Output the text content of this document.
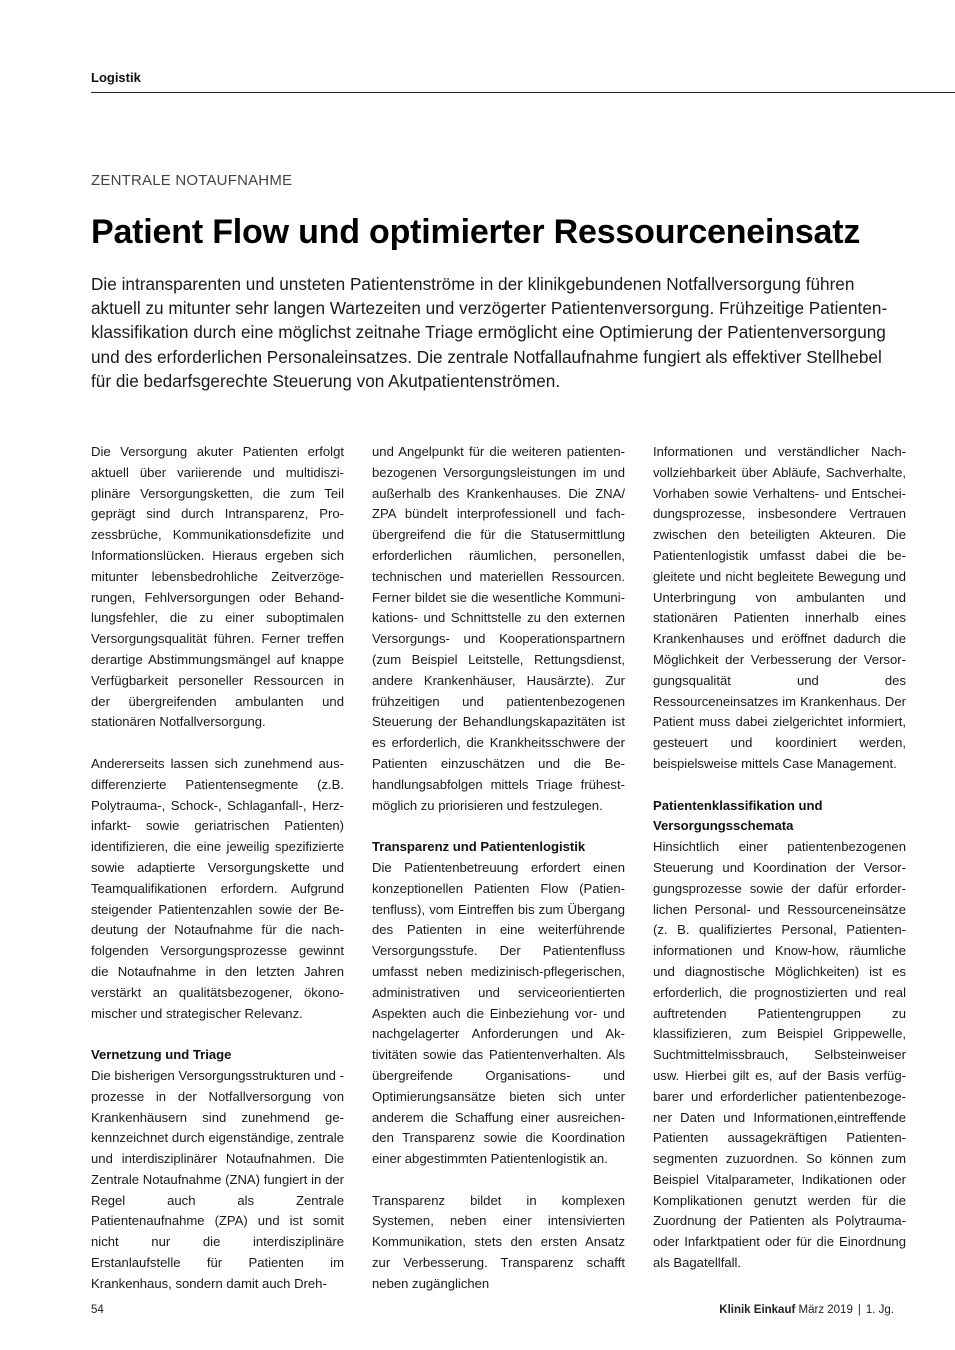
Logistik
ZENTRALE NOTAUFNAHME
Patient Flow und optimierter Ressourceneinsatz

Die intransparenten und unsteten Patientenströme in der klinikgebundenen Notfallversorgung führen aktuell zu mitunter sehr langen Wartezeiten und verzögerter Patientenversorgung. Frühzeitige Patientenklassifikation durch eine möglichst zeitnahe Triage ermöglicht eine Optimierung der Patientenversorgung und des erforderlichen Personaleinsatzes. Die zentrale Notfallaufnahme fungiert als effektiver Stellhebel für die bedarfsgerechte Steuerung von Akutpatientenströmen.

Die Versorgung akuter Patienten erfolgt aktuell über variierende und multidisziplinäre Versorgungsketten, die zum Teil geprägt sind durch Intransparenz, Prozessbrüche, Kommunikationsdefizite und Informationslücken. Hieraus ergeben sich mitunter lebensbedrohliche Zeitverzögerungen, Fehlversorgungen oder Behandlungsfehler, die zu einer suboptimalen Versorgungsqualität führen. Ferner treffen derartige Abstimmungsmängel auf knappe Verfügbarkeit personeller Ressourcen in der übergreifenden ambulanten und stationären Notfallversorgung.

Andererseits lassen sich zunehmend ausdifferenzierte Patientensegmente (z.B. Polytrauma-, Schock-, Schlaganfall-, Herzinfarkt- sowie geriatrischen Patienten) identifizieren, die eine jeweilig spezifizierte sowie adaptierte Versorgungskette und Teamqualifikationen erfordern. Aufgrund steigender Patientenzahlen sowie der Bedeutung der Notaufnahme für die nachfolgenden Versorgungsprozesse gewinnt die Notaufnahme in den letzten Jahren verstärkt an qualitätsbezogener, ökonomischer und strategischer Relevanz.

Vernetzung und Triage

Die bisherigen Versorgungsstrukturen und -prozesse in der Notfallversorgung von Krankenhäusern sind zunehmend gekennzeichnet durch eigenständige, zentrale und interdisziplinärer Notaufnahmen. Die Zentrale Notaufnahme (ZNA) fungiert in der Regel auch als Zentrale Patientenaufnahme (ZPA) und ist somit nicht nur die interdisziplinäre Erstanlaufstelle für Patienten im Krankenhaus, sondern damit auch Dreh-

und Angelpunkt für die weiteren patientenbezogenen Versorgungsleistungen im und außerhalb des Krankenhauses. Die ZNA/ ZPA bündelt interprofessionell und fachübergreifend die für die Statusermittlung erforderlichen räumlichen, personellen, technischen und materiellen Ressourcen. Ferner bildet sie die wesentliche Kommunikations- und Schnittstelle zu den externen Versorgungs- und Kooperationspartnern (zum Beispiel Leitstelle, Rettungsdienst, andere Krankenhäuser, Hausärzte). Zur frühzeitigen und patientenbezogenen Steuerung der Behandlungskapazitäten ist es erforderlich, die Krankheitsschwere der Patienten einzuschätzen und die Behandlungsabfolgen mittels Triage frühestmöglich zu priorisieren und festzulegen.

Transparenz und Patientenlogistik

Die Patientenbetreuung erfordert einen konzeptionellen Patienten Flow (Patientenfluss), vom Eintreffen bis zum Übergang des Patienten in eine weiterführende Versorgungsstufe. Der Patientenfluss umfasst neben medizinisch-pflegerischen, administrativen und serviceorientierten Aspekten auch die Einbeziehung vor- und nachgelagerter Anforderungen und Aktivitäten sowie das Patientenverhalten. Als übergreifende Organisations- und Optimierungsansätze bieten sich unter anderem die Schaffung einer ausreichenden Transparenz sowie die Koordination einer abgestimmten Patientenlogistik an.

Transparenz bildet in komplexen Systemen, neben einer intensivierten Kommunikation, stets den ersten Ansatz zur Verbesserung. Transparenz schafft neben zugänglichen

Informationen und verständlicher Nachvollziehbarkeit über Abläufe, Sachverhalte, Vorhaben sowie Verhaltens- und Entscheidungsprozesse, insbesondere Vertrauen zwischen den beteiligten Akteuren. Die Patientenlogistik umfasst dabei die begleitete und nicht begleitete Bewegung und Unterbringung von ambulanten und stationären Patienten innerhalb eines Krankenhauses und eröffnet dadurch die Möglichkeit der Verbesserung der Versorgungsqualität und des Ressourceneinsatzes im Krankenhaus. Der Patient muss dabei zielgerichtet informiert, gesteuert und koordiniert werden, beispielsweise mittels Case Management.

Patientenklassifikation und Versorgungsschemata

Hinsichtlich einer patientenbezogenen Steuerung und Koordination der Versorgungsprozesse sowie der dafür erforderlichen Personal- und Ressourceneinsätze (z. B. qualifiziertes Personal, Patienteninformationen und Know-how, räumliche und diagnostische Möglichkeiten) ist es erforderlich, die prognostizierten und real auftretenden Patientengruppen zu klassifizieren, zum Beispiel Grippewelle, Suchtmittelmissbrauch, Selbsteinweiser usw. Hierbei gilt es, auf der Basis verfügbarer und erforderlicher patientenbezogener Daten und Informationen,eintreffende Patienten aussagekräftigen Patientensegmenten zuzuordnen. So können zum Beispiel Vitalparameter, Indikationen oder Komplikationen genutzt werden für die Zuordnung der Patienten als Polytrauma- oder Infarktpatient oder für die Einordnung als Bagatellfall.

54	Klinik Einkauf März 2019 | 1. Jg.
